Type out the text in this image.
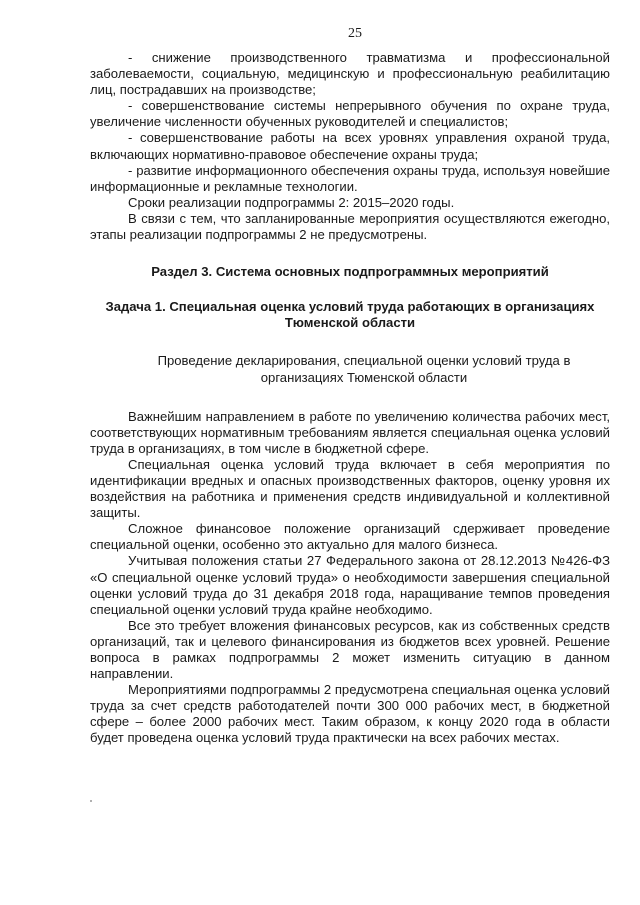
25

- снижение производственного травматизма и профессиональной заболеваемости, социальную, медицинскую и профессиональную реабилитацию лиц, пострадавших на производстве;

- совершенствование системы непрерывного обучения по охране труда, увеличение численности обученных руководителей и специалистов;

- совершенствование работы на всех уровнях управления охраной труда, включающих нормативно-правовое обеспечение охраны труда;

- развитие информационного обеспечения охраны труда, используя новейшие информационные и рекламные технологии.

Сроки реализации подпрограммы 2: 2015–2020 годы.

В связи с тем, что запланированные мероприятия осуществляются ежегодно, этапы реализации подпрограммы 2 не предусмотрены.

Раздел 3. Система основных подпрограммных мероприятий
Задача 1. Специальная оценка условий труда работающих в организациях Тюменской области
Проведение декларирования, специальной оценки условий труда в организациях Тюменской области

Важнейшим направлением в работе по увеличению количества рабочих мест, соответствующих нормативным требованиям является специальная оценка условий труда в организациях, в том числе в бюджетной сфере.

Специальная оценка условий труда включает в себя мероприятия по идентификации вредных и опасных производственных факторов, оценку уровня их воздействия на работника и применения средств индивидуальной и коллективной защиты.

Сложное финансовое положение организаций сдерживает проведение специальной оценки, особенно это актуально для малого бизнеса.

Учитывая положения статьи 27 Федерального закона от 28.12.2013 №426-ФЗ «О специальной оценке условий труда» о необходимости завершения специальной оценки условий труда до 31 декабря 2018 года, наращивание темпов проведения специальной оценки условий труда крайне необходимо.

Все это требует вложения финансовых ресурсов, как из собственных средств организаций, так и целевого финансирования из бюджетов всех уровней. Решение вопроса в рамках подпрограммы 2 может изменить ситуацию в данном направлении.

Мероприятиями подпрограммы 2 предусмотрена специальная оценка условий труда за счет средств работодателей почти 300 000 рабочих мест, в бюджетной сфере – более 2000 рабочих мест. Таким образом, к концу 2020 года в области будет проведена оценка условий труда практически на всех рабочих местах.
